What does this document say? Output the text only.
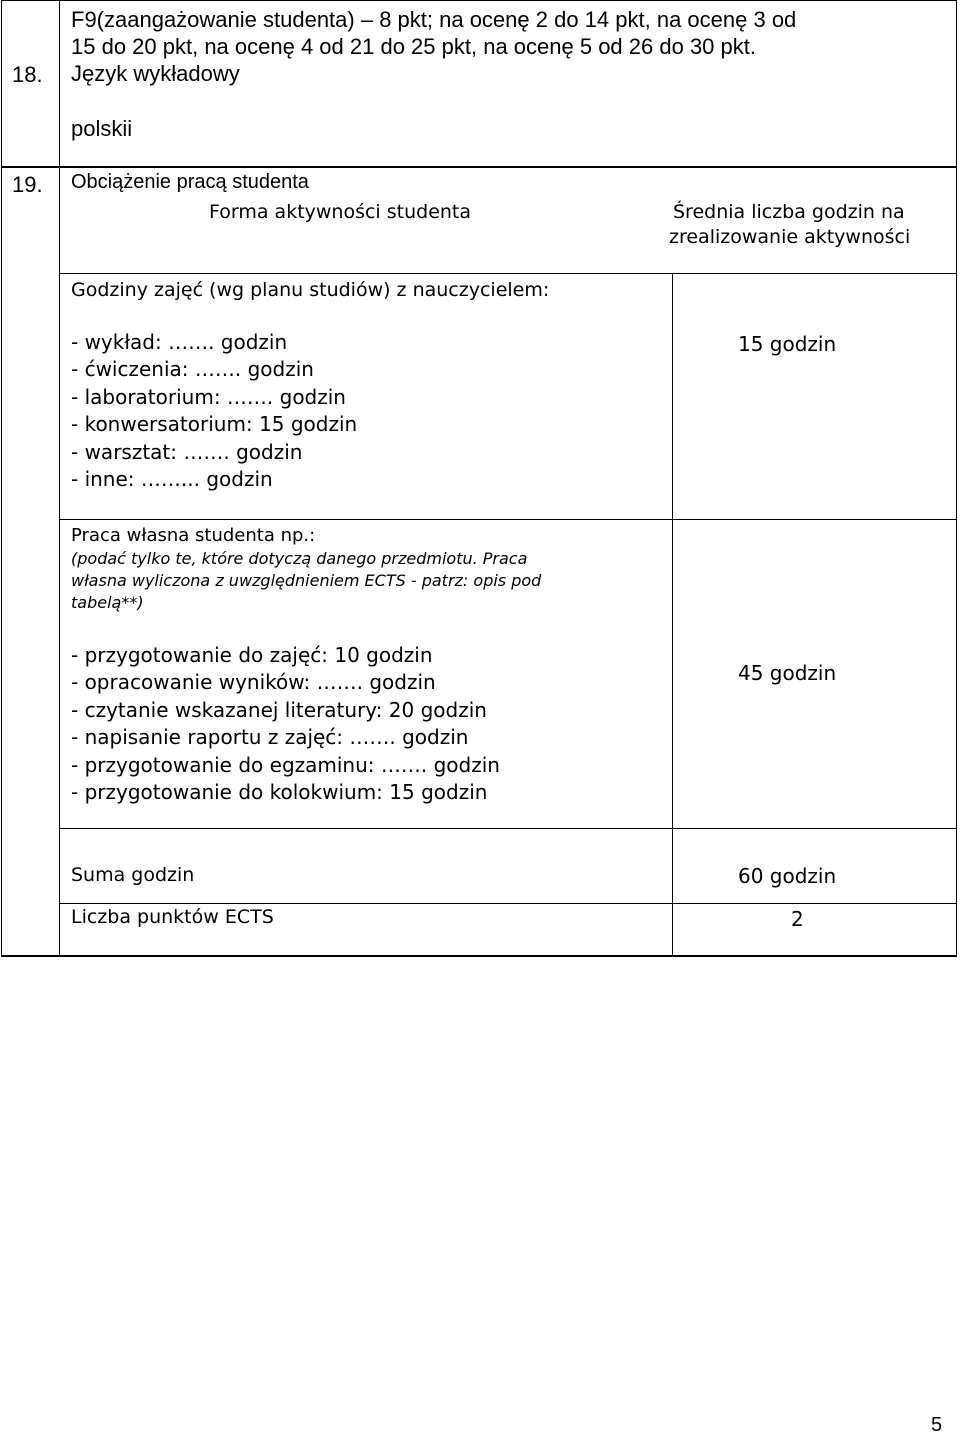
F9(zaangażowanie studenta) – 8 pkt; na ocenę 2 do 14 pkt, na ocenę 3 od
15 do 20 pkt, na ocenę 4 od 21 do 25 pkt, na ocenę 5 od 26 do 30 pkt.
18. Język wykładowy
polskii
19. Obciążenie pracą studenta
Forma aktywności studenta	Średnia liczba godzin na
zrealizowanie aktywności
Godziny zajęć (wg planu studiów) z nauczycielem:
- wykład: ……. godzin
- ćwiczenia: ……. godzin
- laboratorium: ……. godzin
- konwersatorium: 15 godzin
- warsztat: ……. godzin
- inne: ……... godzin
15 godzin
Praca własna studenta np.:
(podać tylko te, które dotyczą danego przedmiotu. Praca
własna wyliczona z uwzględnieniem ECTS - patrz: opis pod
tabelą**)
- przygotowanie do zajęć: 10 godzin
- opracowanie wyników: ……. godzin
- czytanie wskazanej literatury: 20 godzin
- napisanie raportu z zajęć: ……. godzin
- przygotowanie do egzaminu: ……. godzin
- przygotowanie do kolokwium: 15 godzin
45 godzin
Suma godzin	60 godzin
Liczba punktów ECTS	2
5
